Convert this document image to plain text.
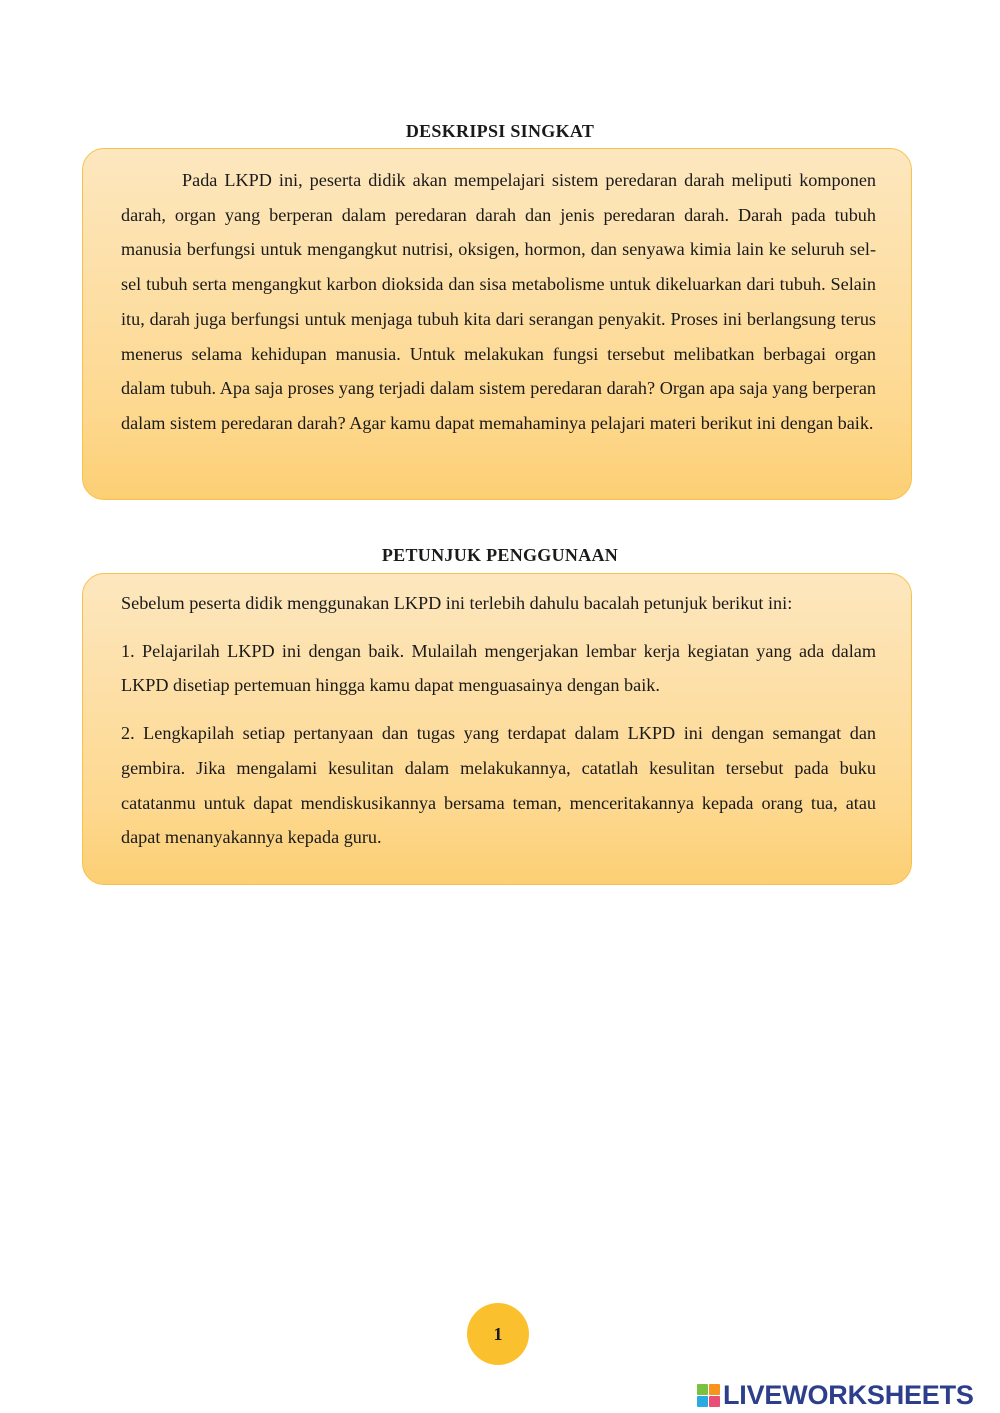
DESKRIPSI SINGKAT

Pada LKPD ini, peserta didik akan mempelajari sistem peredaran darah meliputi komponen darah, organ yang berperan dalam peredaran darah dan jenis peredaran darah. Darah pada tubuh manusia berfungsi untuk mengangkut nutrisi, oksigen, hormon, dan senyawa kimia lain ke seluruh sel-sel tubuh serta mengangkut karbon dioksida dan sisa metabolisme untuk dikeluarkan dari tubuh. Selain itu, darah juga berfungsi untuk menjaga tubuh kita dari serangan penyakit. Proses ini berlangsung terus menerus selama kehidupan manusia. Untuk melakukan fungsi tersebut melibatkan berbagai organ dalam tubuh. Apa saja proses yang terjadi dalam sistem peredaran darah? Organ apa saja yang berperan dalam sistem peredaran darah? Agar kamu dapat memahaminya pelajari materi berikut ini dengan baik.

PETUNJUK PENGGUNAAN

Sebelum peserta didik menggunakan LKPD ini terlebih dahulu bacalah petunjuk berikut ini:

1. Pelajarilah LKPD ini dengan baik. Mulailah mengerjakan lembar kerja kegiatan yang ada dalam LKPD disetiap pertemuan hingga kamu dapat menguasainya dengan baik.

2. Lengkapilah setiap pertanyaan dan tugas yang terdapat dalam LKPD ini dengan semangat dan gembira. Jika mengalami kesulitan dalam melakukannya, catatlah kesulitan tersebut pada buku catatanmu untuk dapat mendiskusikannya bersama teman, menceritakannya kepada orang tua, atau dapat menanyakannya kepada guru.

1
LIVEWORKSHEETS
